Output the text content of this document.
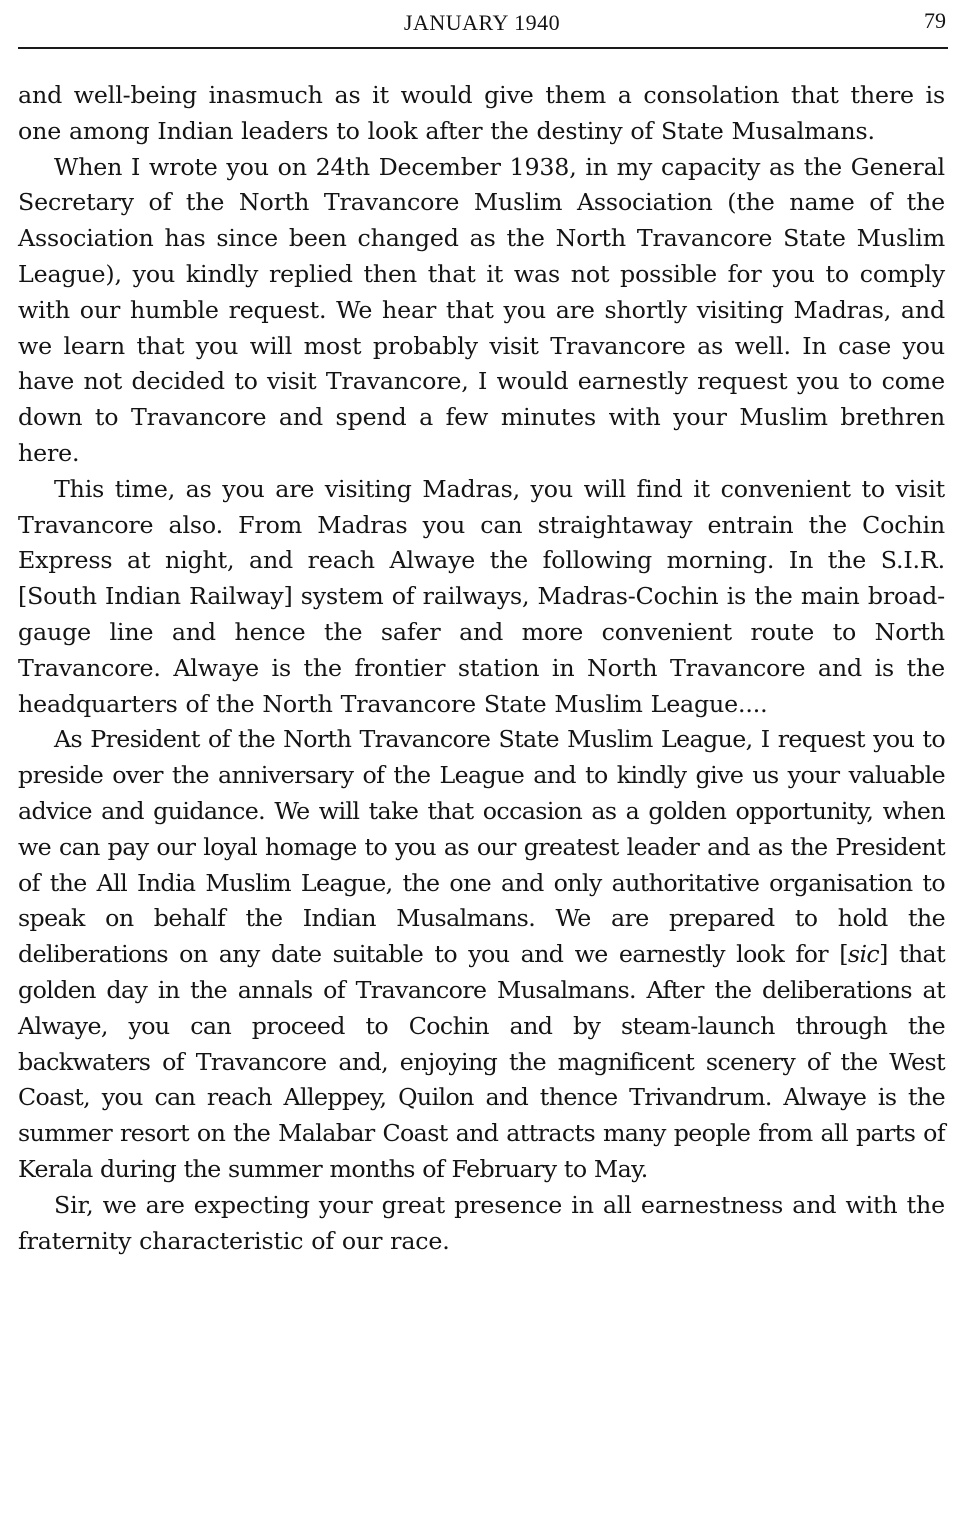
JANUARY 1940	79

and well-being inasmuch as it would give them a consolation that there is one among Indian leaders to look after the destiny of State Musalmans.

When I wrote you on 24th December 1938, in my capacity as the General Secretary of the North Travancore Muslim Association (the name of the Association has since been changed as the North Travancore State Muslim League), you kindly replied then that it was not possible for you to comply with our humble request. We hear that you are shortly visiting Madras, and we learn that you will most probably visit Travancore as well. In case you have not decided to visit Travancore, I would earnestly request you to come down to Travancore and spend a few minutes with your Muslim brethren here.

This time, as you are visiting Madras, you will find it convenient to visit Travancore also. From Madras you can straightaway entrain the Cochin Express at night, and reach Alwaye the following morning. In the S.I.R. [South Indian Railway] system of railways, Madras-Cochin is the main broad-gauge line and hence the safer and more convenient route to North Travancore. Alwaye is the frontier station in North Travancore and is the headquarters of the North Travancore State Muslim League....

As President of the North Travancore State Muslim League, I request you to preside over the anniversary of the League and to kindly give us your valuable advice and guidance. We will take that occasion as a golden opportunity, when we can pay our loyal homage to you as our greatest leader and as the President of the All India Muslim League, the one and only authoritative organisation to speak on behalf the Indian Musalmans. We are prepared to hold the deliberations on any date suitable to you and we earnestly look for [sic] that golden day in the annals of Travancore Musalmans. After the deliberations at Alwaye, you can proceed to Cochin and by steam-launch through the backwaters of Travancore and, enjoying the magnificent scenery of the West Coast, you can reach Alleppey, Quilon and thence Trivandrum. Alwaye is the summer resort on the Malabar Coast and attracts many people from all parts of Kerala during the summer months of February to May.

Sir, we are expecting your great presence in all earnestness and with the fraternity characteristic of our race.
